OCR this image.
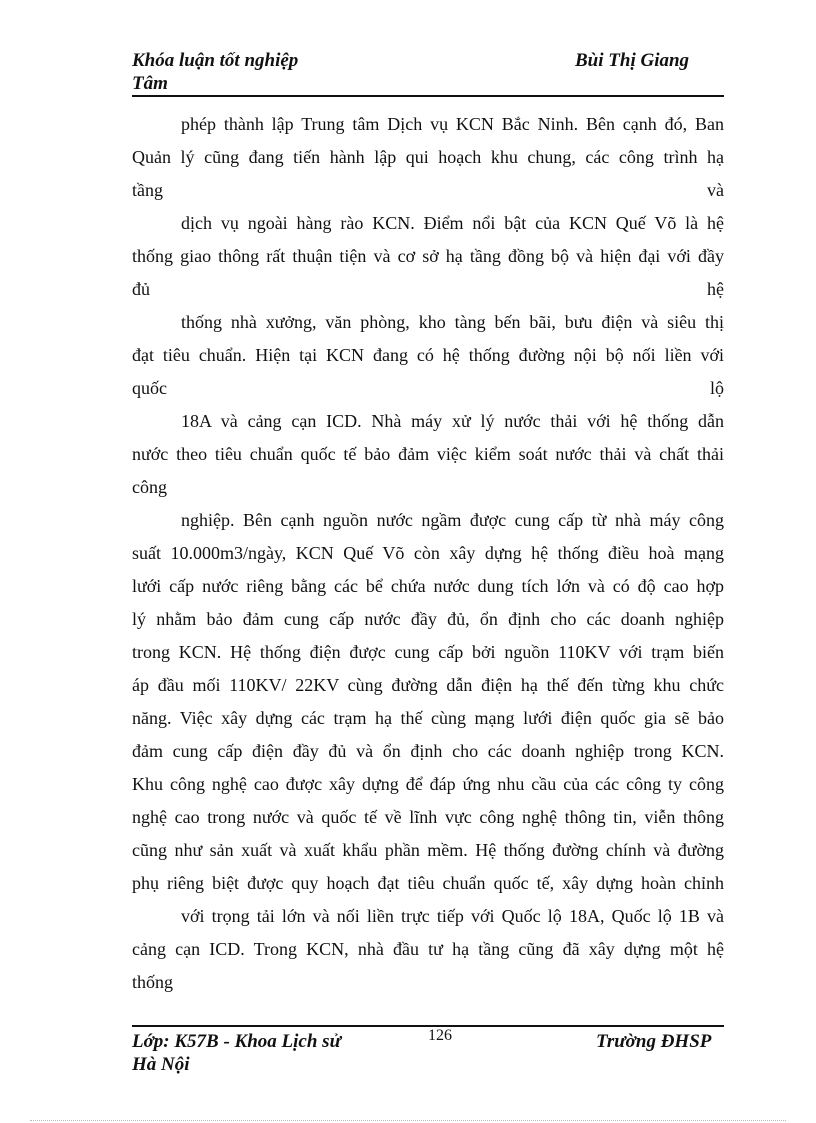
Khóa luận tốt nghiệp
Tâm
Bùi Thị Giang
phép thành lập Trung tâm Dịch vụ KCN Bắc Ninh. Bên cạnh đó, Ban
Quản lý cũng đang tiến hành lập qui hoạch khu chung, các công trình hạ
tầng	và
dịch vụ ngoài hàng rào KCN. Điểm nổi bật của KCN Quế Võ là hệ
thống giao thông rất thuận tiện và cơ sở hạ tầng đồng bộ và hiện đại với đầy
đủ	hệ
thống nhà xưởng, văn phòng, kho tàng bến bãi, bưu điện và siêu thị
đạt tiêu chuẩn. Hiện tại KCN đang có hệ thống đường nội bộ nối liền với
quốc	lộ
18A và cảng cạn ICD. Nhà máy xử lý nước thải với hệ thống dẫn
nước theo tiêu chuẩn quốc tế bảo đảm việc kiểm soát nước thải và chất thải
công
nghiệp. Bên cạnh nguồn nước ngầm được cung cấp từ nhà máy công
suất 10.000m3/ngày, KCN Quế Võ còn xây dựng hệ thống điều hoà mạng
lưới cấp nước riêng bằng các bể chứa nước dung tích lớn và có độ cao hợp
lý nhằm bảo đảm cung cấp nước đầy đủ, ổn định cho các doanh nghiệp
trong KCN. Hệ thống điện được cung cấp bởi nguồn 110KV với trạm biến
áp đầu mối 110KV/ 22KV cùng đường dẫn điện hạ thế đến từng khu chức
năng. Việc xây dựng các trạm hạ thế cùng mạng lưới điện quốc gia sẽ bảo
đảm cung cấp điện đầy đủ và ổn định cho các doanh nghiệp trong KCN.
Khu công nghệ cao được xây dựng để đáp ứng nhu cầu của các công ty công
nghệ cao trong nước và quốc tế về lĩnh vực công nghệ thông tin, viễn thông
cũng như sản xuất và xuất khẩu phần mềm. Hệ thống đường chính và đường
phụ riêng biệt được quy hoạch đạt tiêu chuẩn quốc tế, xây dựng hoàn chỉnh
với trọng tải lớn và nối liền trực tiếp với Quốc lộ 18A, Quốc lộ 1B và
cảng cạn ICD. Trong KCN, nhà đầu tư hạ tầng cũng đã xây dựng một hệ
thống
Lớp: K57B - Khoa Lịch sử
Hà Nội
126	Trường ĐHSP
